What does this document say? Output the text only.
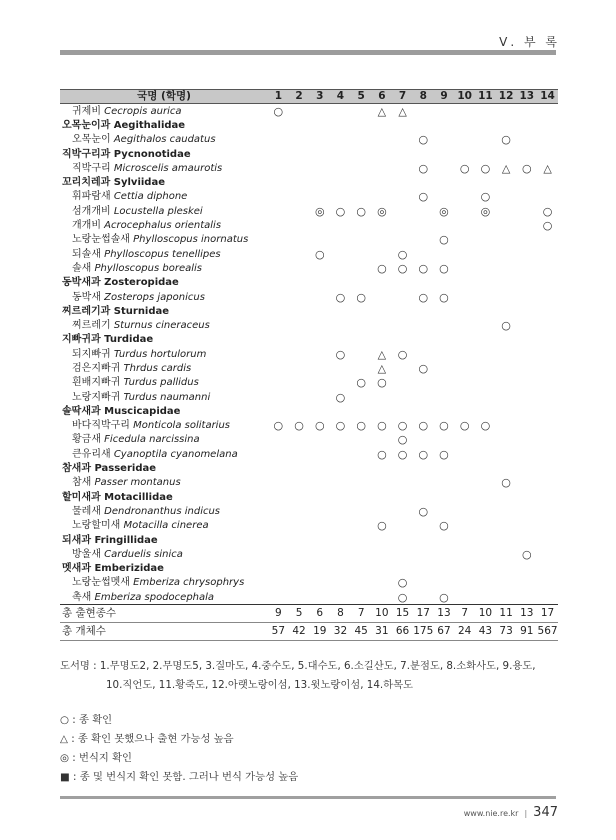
Ⅴ. 부 록
국명 (학명)	1	2	3	4	5	6	7	8	9	10	11	12	13	14
귀제비 Cecropis aurica	○					△	△							
오목눈이과 Aegithalidae														
오목눈이 Aegithalos caudatus								○				○		
직박구리과 Pycnonotidae														
직박구리 Microscelis amaurotis								○		○	○	△	○	△
꼬리치레과 Sylviidae														
휘파람새 Cettia diphone								○			○			
섬개개비 Locustella pleskei			◎	○	○	◎			◎		◎			○
개개비 Acrocephalus orientalis														○
노랑눈썹솔새 Phylloscopus inornatus									○					
되솔새 Phylloscopus tenellipes			○				○							
솔새 Phylloscopus borealis						○	○	○	○					
동박새과 Zosteropidae														
동박새 Zosterops japonicus				○	○			○	○					
찌르레기과 Sturnidae														
찌르레기 Sturnus cineraceus												○		
지빠귀과 Turdidae														
되지빠귀 Turdus hortulorum				○		△	○							
검은지빠귀 Thrdus cardis						△		○						
흰배지빠귀 Turdus pallidus					○	○								
노랑지빠귀 Turdus naumanni				○										
솔딱새과 Muscicapidae														
바다직박구리 Monticola solitarius	○	○	○	○	○	○	○	○	○	○	○			
황금새 Ficedula narcissina							○							
큰유리새 Cyanoptila cyanomelana						○	○	○	○					
참새과 Passeridae														
참새 Passer montanus												○		
할미새과 Motacillidae														
물레새 Dendronanthus indicus								○						
노랑할미새 Motacilla cinerea						○			○					
되새과 Fringillidae														
방울새 Carduelis sinica													○	
멧새과 Emberizidae														
노랑눈썹멧새 Emberiza chrysophrys							○							
촉새 Emberiza spodocephala							○		○					
총 출현종수	9	5	6	8	7	10	15	17	13	7	10	11	13	17
총 개체수	57	42	19	32	45	31	66	175	67	24	43	73	91	567
도서명 : 1.무명도2, 2.무명도5, 3.질마도, 4.중수도, 5.대수도, 6.소길산도, 7.분점도, 8.소화사도, 9.용도,
10.직언도, 11.황죽도, 12.아랫노랑이섬, 13.윗노랑이섬, 14.하목도
○ : 종 확인
△ : 종 확인 못했으나 출현 가능성 높음
◎ : 번식지 확인
■ : 종 및 번식지 확인 못함. 그러나 번식 가능성 높음
www.nie.re.kr | 347
